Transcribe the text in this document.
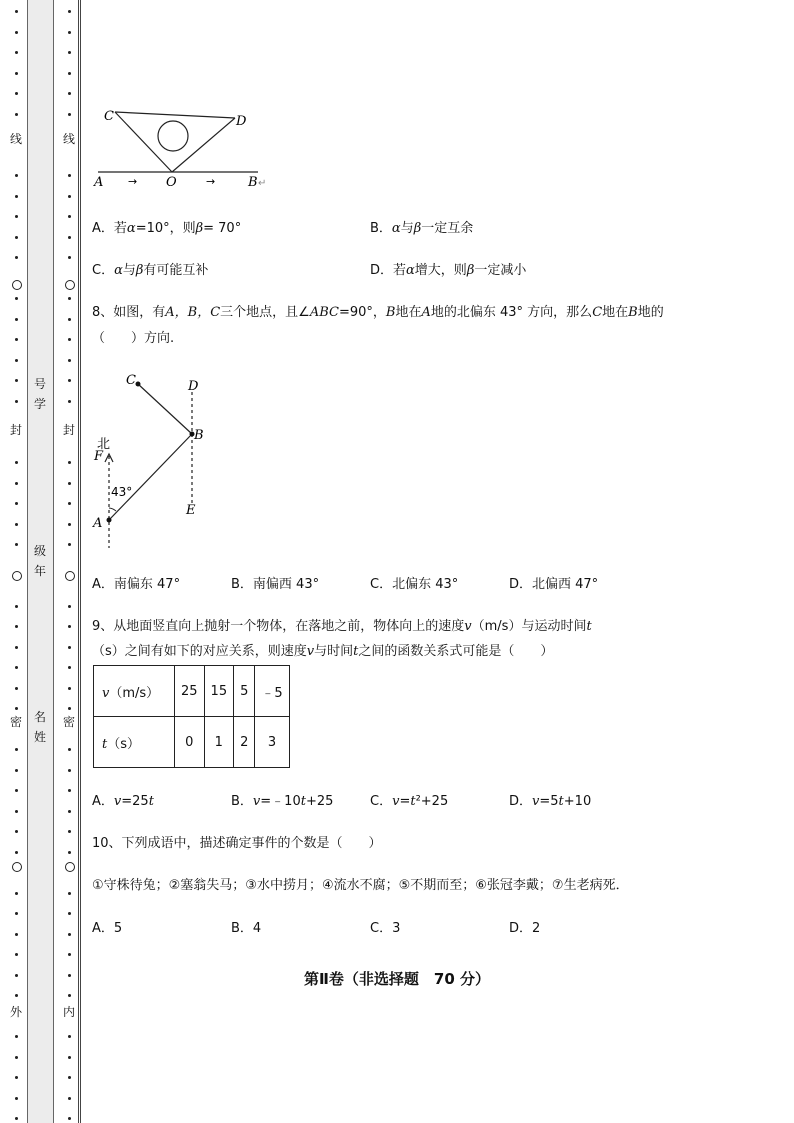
线
封
密
外
线
封
密
内
号
学
级
年
名
姓
C	D
A → O	→	B ↵
A．若α=10°，则β= 70°	B．α与β一定互余
C．α与β有可能互补	D．若α增大，则β一定减小
8、如图，有A，B，C三个地点，且∠ABC=90°，B地在A地的北偏东 43° 方向，那么C地在B地的
（　　）方向.
C	D
B
北
F
43°
A
E
A．南偏东 47°	B．南偏西 43°	C．北偏东 43°	D．北偏西 47°
9、从地面竖直向上抛射一个物体，在落地之前，物体向上的速度v（m/s）与运动时间t
（s）之间有如下的对应关系，则速度v与时间t之间的函数关系式可能是（　　）
v（m/s）	25	15	5	﹣5
t（s）	0	1	2	3
A．v=25t	B．v=﹣10t+25	C．v=t²+25	D．v=5t+10
10、下列成语中，描述确定事件的个数是（　　）
①守株待兔；②塞翁失马；③水中捞月；④流水不腐；⑤不期而至；⑥张冠李戴；⑦生老病死．
A．5	B．4	C．3	D．2
第Ⅱ卷（非选择题　70 分）
